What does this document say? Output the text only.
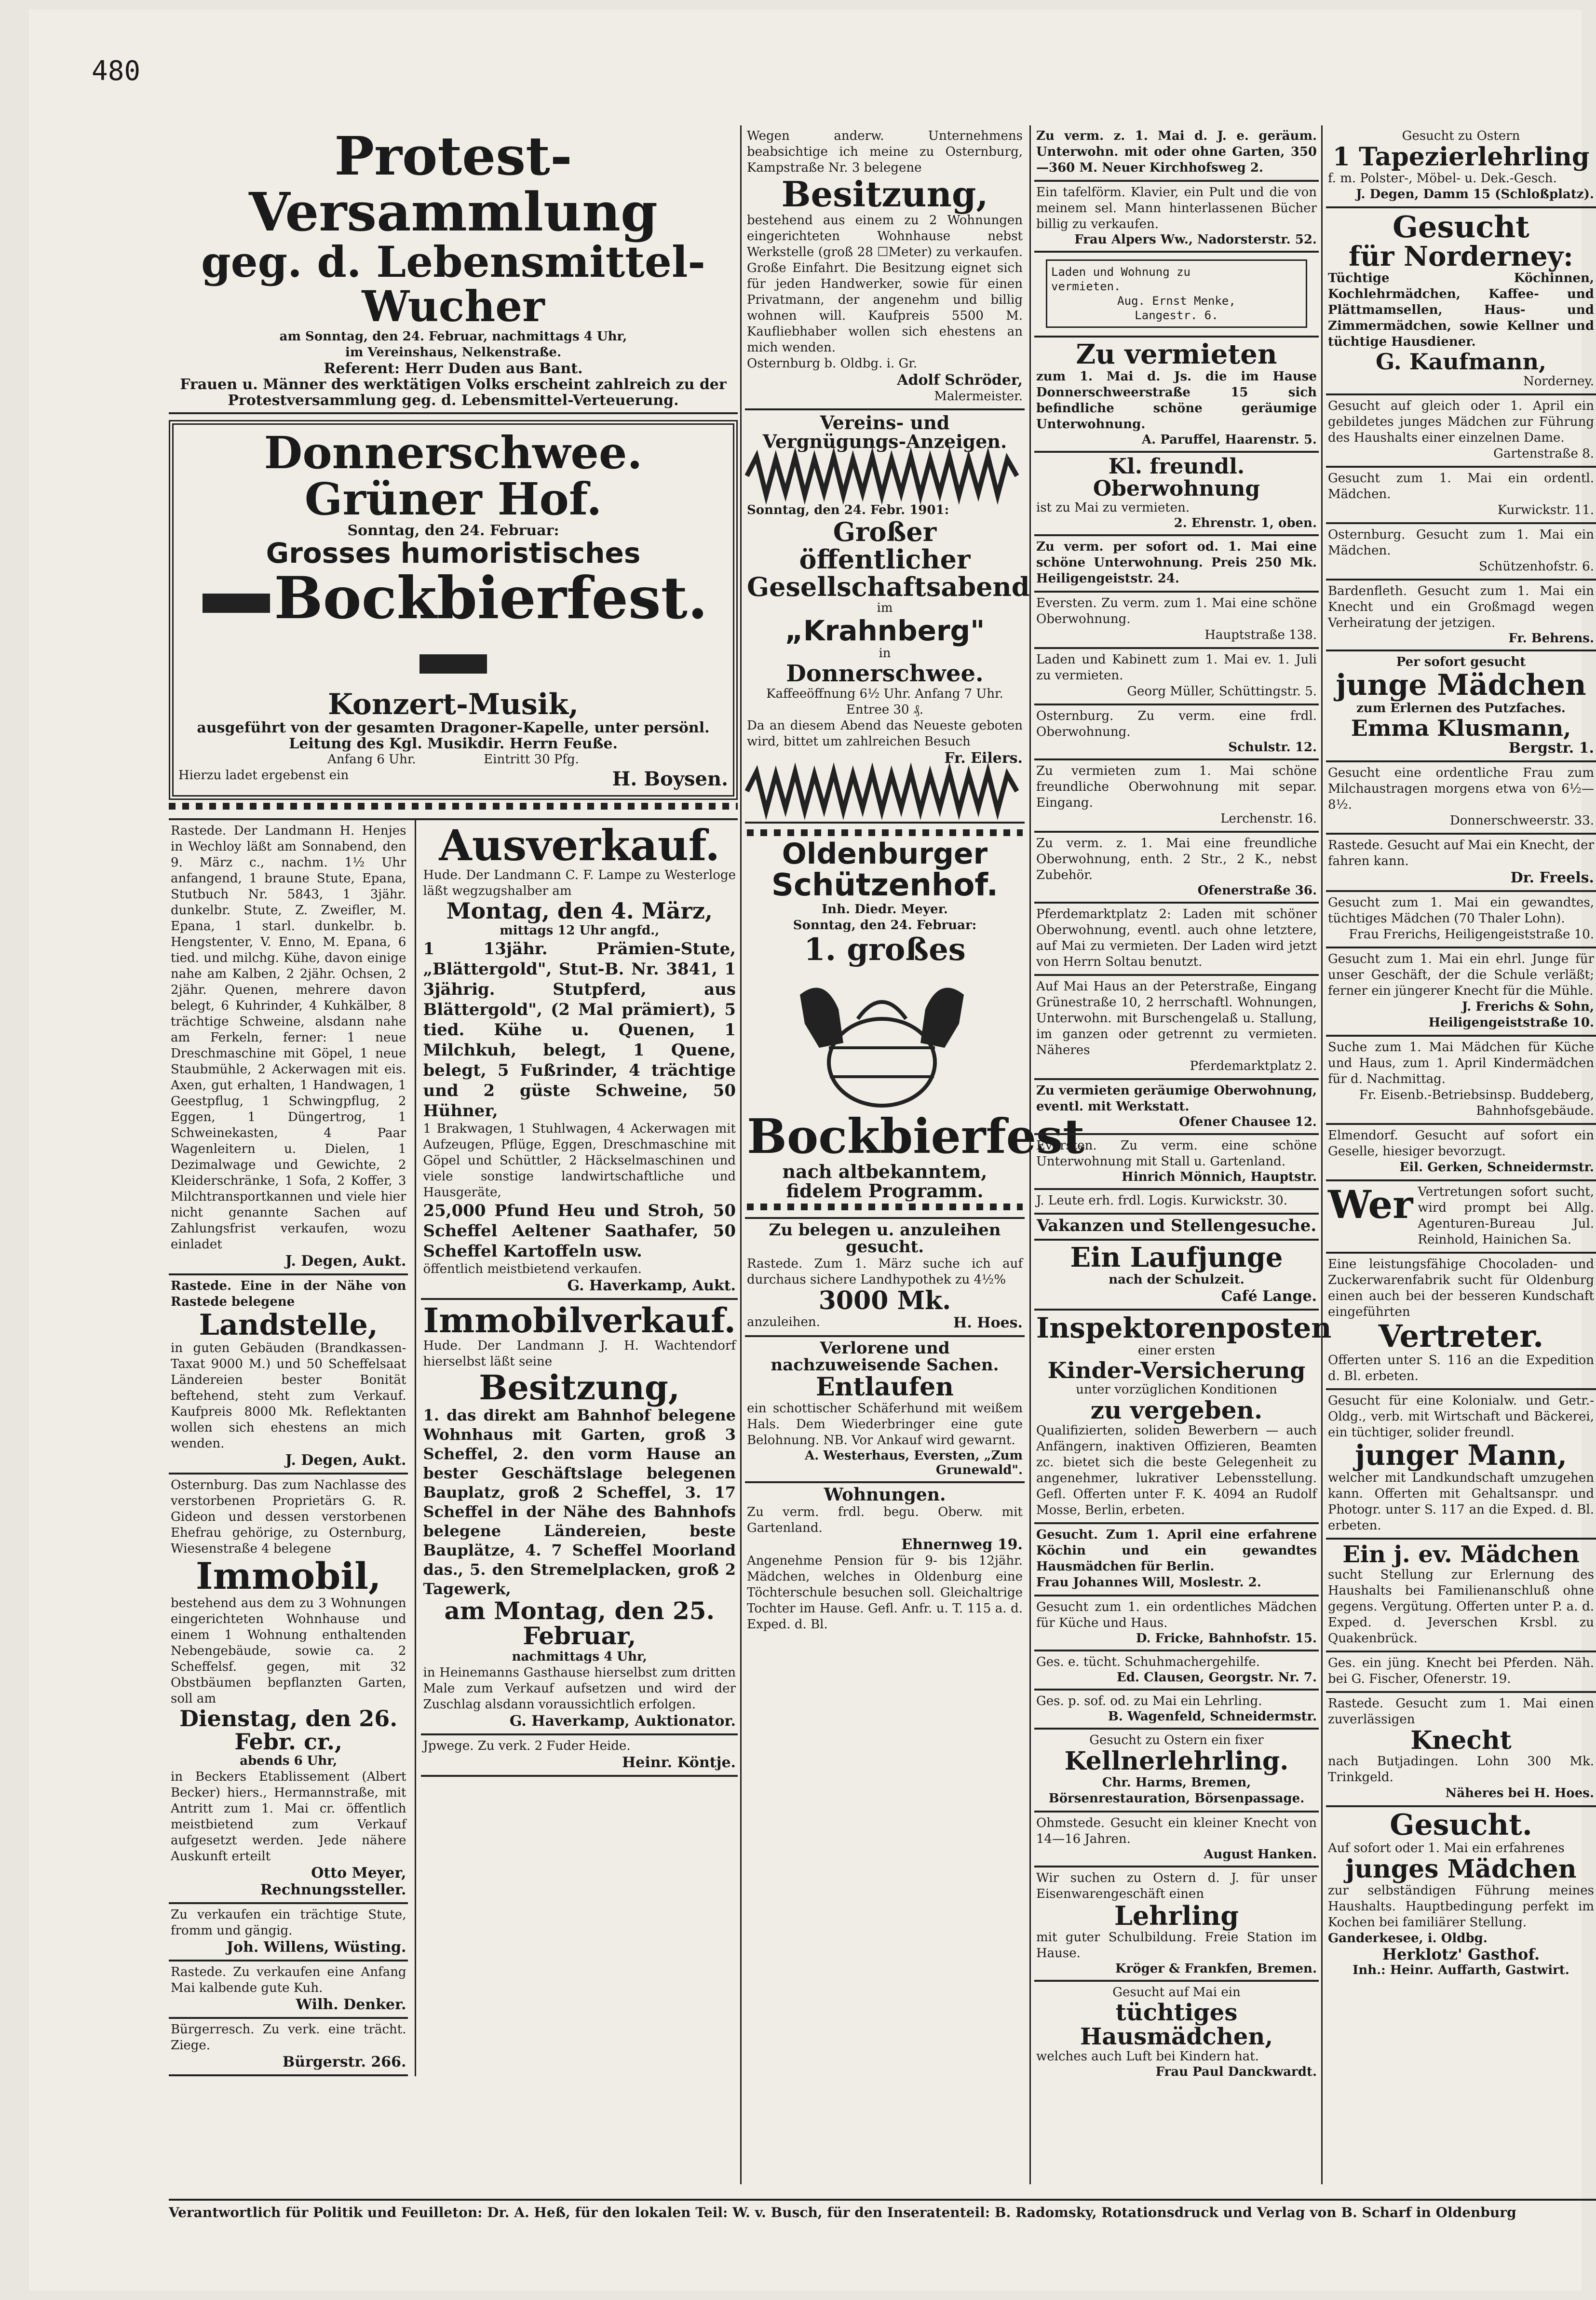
480
Protest-Versammlung
geg. d. Lebensmittel-Wucher
am Sonntag, den 24. Februar, nachmittags 4 Uhr,
im Vereinshaus, Nelkenstraße.
Referent: Herr Duden aus Bant.
Frauen u. Männer des werktätigen Volks erscheint zahlreich zu der Protestversammlung geg. d. Lebensmittel-Verteuerung.
Donnerschwee. Grüner Hof.
Sonntag, den 24. Februar:
Grosses humoristisches
Bockbierfest.
Konzert-Musik,
ausgeführt von der gesamten Dragoner-Kapelle, unter persönl. Leitung des Kgl. Musikdir. Herrn Feuße.
Anfang 6 Uhr.                 Eintritt 30 Pfg.
Hierzu ladet ergebenst ein	H. Boysen.
Rastede. Der Landmann H. Henjes in Wechloy läßt am Sonnabend, den 9. März c., nachm. 1½ Uhr anfangend, 1 braune Stute, Epana, Stutbuch Nr. 5843, 1 3jähr. dunkelbr. Stute, Z. Zweifler, M. Epana, 1 starl. dunkelbr. b. Hengstenter, V. Enno, M. Epana, 6 tied. und milchg. Kühe, davon einige nahe am Kalben, 2 2jähr. Ochsen, 2 2jähr. Quenen, mehrere davon belegt, 6 Kuhrinder, 4 Kuhkälber, 8 trächtige Schweine, alsdann nahe am Ferkeln, ferner: 1 neue Dreschmaschine mit Göpel, 1 neue Staubmühle, 2 Ackerwagen mit eis. Axen, gut erhalten, 1 Handwagen, 1 Geestpflug, 1 Schwingpflug, 2 Eggen, 1 Düngertrog, 1 Schweinekasten, 4 Paar Wagenleitern u. Dielen, 1 Dezimalwage und Gewichte, 2 Kleiderschränke, 1 Sofa, 2 Koffer, 3 Milchtransportkannen und viele hier nicht genannte Sachen auf Zahlungsfrist verkaufen, wozu einladet
J. Degen, Aukt.
Rastede. Eine in der Nähe von Rastede belegene
Landstelle,
in guten Gebäuden (Brandkassen-Taxat 9000 M.) und 50 Scheffelsaat Ländereien bester Bonität beftehend, steht zum Verkauf. Kaufpreis 8000 Mk. Reflektanten wollen sich ehestens an mich wenden.
J. Degen, Aukt.
Osternburg. Das zum Nachlasse des verstorbenen Proprietärs G. R. Gideon und dessen verstorbenen Ehefrau gehörige, zu Osternburg, Wiesenstraße 4 belegene
Immobil,
bestehend aus dem zu 3 Wohnungen eingerichteten Wohnhause und einem 1 Wohnung enthaltenden Nebengebäude, sowie ca. 2 Scheffelsf. gegen, mit 32 Obstbäumen bepflanzten Garten, soll am
Dienstag, den 26. Febr. cr.,
abends 6 Uhr,
in Beckers Etablissement (Albert Becker) hiers., Hermannstraße, mit Antritt zum 1. Mai cr. öffentlich meistbietend zum Verkauf aufgesetzt werden. Jede nähere Auskunft erteilt
Otto Meyer, Rechnungssteller.
Zu verkaufen ein trächtige Stute, fromm und gängig.
Joh. Willens, Wüsting.
Rastede. Zu verkaufen eine Anfang Mai kalbende gute Kuh.
Wilh. Denker.
Bürgerresch. Zu verk. eine trächt. Ziege.
Bürgerstr. 266.
Ausverkauf.
Hude. Der Landmann C. F. Lampe zu Westerloge läßt wegzugshalber am
Montag, den 4. März,
mittags 12 Uhr angfd.,
1 13jähr. Prämien-Stute, „Blättergold", Stut-B. Nr. 3841, 1 3jährig. Stutpferd, aus Blättergold", (2 Mal prämiert), 5 tied. Kühe u. Quenen, 1 Milchkuh, belegt, 1 Quene, belegt, 5 Fußrinder, 4 trächtige und 2 güste Schweine, 50 Hühner,
1 Brakwagen, 1 Stuhlwagen, 4 Ackerwagen mit Aufzeugen, Pflüge, Eggen, Dreschmaschine mit Göpel und Schüttler, 2 Häckselmaschinen und viele sonstige landwirtschaftliche und Hausgeräte,
25,000 Pfund Heu und Stroh, 50 Scheffel Aeltener Saathafer, 50 Scheffel Kartoffeln usw.
öffentlich meistbietend verkaufen.
G. Haverkamp, Aukt.
Immobilverkauf.
Hude. Der Landmann J. H. Wachtendorf hierselbst läßt seine
Besitzung,
1. das direkt am Bahnhof belegene Wohnhaus mit Garten, groß 3 Scheffel, 2. den vorm Hause an bester Geschäftslage belegenen Bauplatz, groß 2 Scheffel, 3. 17 Scheffel in der Nähe des Bahnhofs belegene Ländereien, beste Bauplätze, 4. 7 Scheffel Moorland das., 5. den Stremelplacken, groß 2 Tagewerk,
am Montag, den 25. Februar,
nachmittags 4 Uhr,
in Heinemanns Gasthause hierselbst zum dritten Male zum Verkauf aufsetzen und wird der Zuschlag alsdann voraussichtlich erfolgen.
G. Haverkamp, Auktionator.
Jpwege. Zu verk. 2 Fuder Heide.
Heinr. Köntje.
Wegen anderw. Unternehmens beabsichtige ich meine zu Osternburg, Kampstraße Nr. 3 belegene
Besitzung,
bestehend aus einem zu 2 Wohnungen eingerichteten Wohnhause nebst Werkstelle (groß 28 ☐Meter) zu verkaufen. Große Einfahrt. Die Besitzung eignet sich für jeden Handwerker, sowie für einen Privatmann, der angenehm und billig wohnen will. Kaufpreis 5500 M. Kaufliebhaber wollen sich ehestens an mich wenden.
Osternburg b. Oldbg. i. Gr.
Adolf Schröder,
Malermeister.
Vereins- und Vergnügungs-Anzeigen.
Sonntag, den 24. Febr. 1901:
Großer öffentlicher
Gesellschaftsabend
im
„Krahnberg"
in
Donnerschwee.
Kaffeeöffnung 6½ Uhr. Anfang 7 Uhr. Entree 30 ₰.
Da an diesem Abend das Neueste geboten wird, bittet um zahlreichen Besuch
Fr. Eilers.
Oldenburger
Schützenhof.
Inh. Diedr. Meyer.
Sonntag, den 24. Februar:
1. großes
Bockbierfest
nach altbekanntem, fidelem Programm.
Zu belegen u. anzuleihen gesucht.
Rastede. Zum 1. März suche ich auf durchaus sichere Landhypothek zu 4½%
3000 Mk.
anzuleihen.	H. Hoes.
Verlorene und nachzuweisende Sachen.
Entlaufen
ein schottischer Schäferhund mit weißem Hals. Dem Wiederbringer eine gute Belohnung. NB. Vor Ankauf wird gewarnt.
A. Westerhaus, Eversten, „Zum Grunewald".
Wohnungen.
Zu verm. frdl. begu. Oberw. mit Gartenland.
Ehnernweg 19.
Angenehme Pension für 9- bis 12jähr. Mädchen, welches in Oldenburg eine Töchterschule besuchen soll. Gleichaltrige Tochter im Hause. Gefl. Anfr. u. T. 115 a. d. Exped. d. Bl.
Zu verm. z. 1. Mai d. J. e. geräum. Unterwohn. mit oder ohne Garten, 350—360 M. Neuer Kirchhofsweg 2.
Ein tafelförm. Klavier, ein Pult und die von meinem sel. Mann hinterlassenen Bücher billig zu verkaufen.
Frau Alpers Ww., Nadorsterstr. 52.
Laden und Wohnung zu
vermieten.
Aug. Ernst Menke,
Langestr. 6.
Zu vermieten
zum 1. Mai d. Js. die im Hause Donnerschweerstraße 15 sich befindliche schöne geräumige Unterwohnung.
A. Paruffel, Haarenstr. 5.
Kl. freundl. Oberwohnung
ist zu Mai zu vermieten.
2. Ehrenstr. 1, oben.
Zu verm. per sofort od. 1. Mai eine schöne Unterwohnung. Preis 250 Mk. Heiligengeiststr. 24.
Eversten. Zu verm. zum 1. Mai eine schöne Oberwohnung.
Hauptstraße 138.
Laden und Kabinett zum 1. Mai ev. 1. Juli zu vermieten.
Georg Müller, Schüttingstr. 5.
Osternburg. Zu verm. eine frdl. Oberwohnung.
Schulstr. 12.
Zu vermieten zum 1. Mai schöne freundliche Oberwohnung mit separ. Eingang.
Lerchenstr. 16.
Zu verm. z. 1. Mai eine freundliche Oberwohnung, enth. 2 Str., 2 K., nebst Zubehör.
Ofenerstraße 36.
Pferdemarktplatz 2: Laden mit schöner Oberwohnung, eventl. auch ohne letztere, auf Mai zu vermieten. Der Laden wird jetzt von Herrn Soltau benutzt.
Auf Mai Haus an der Peterstraße, Eingang Grünestraße 10, 2 herrschaftl. Wohnungen, Unterwohn. mit Burschengelaß u. Stallung, im ganzen oder getrennt zu vermieten. Näheres
Pferdemarktplatz 2.
Zu vermieten geräumige Oberwohnung, eventl. mit Werkstatt.
Ofener Chausee 12.
Eversten. Zu verm. eine schöne Unterwohnung mit Stall u. Gartenland.
Hinrich Mönnich, Hauptstr.
J. Leute erh. frdl. Logis. Kurwickstr. 30.
Vakanzen und Stellengesuche.
Ein Laufjunge
nach der Schulzeit.
Café Lange.
Inspektorenposten
einer ersten
Kinder-Versicherung
unter vorzüglichen Konditionen
zu vergeben.
Qualifizierten, soliden Bewerbern — auch Anfängern, inaktiven Offizieren, Beamten zc. bietet sich die beste Gelegenheit zu angenehmer, lukrativer Lebensstellung. Gefl. Offerten unter F. K. 4094 an Rudolf Mosse, Berlin, erbeten.
Gesucht. Zum 1. April eine erfahrene Köchin und ein gewandtes Hausmädchen für Berlin.
Frau Johannes Will, Moslestr. 2.
Gesucht zum 1. ein ordentliches Mädchen für Küche und Haus.
D. Fricke, Bahnhofstr. 15.
Ges. e. tücht. Schuhmachergehilfe.
Ed. Clausen, Georgstr. Nr. 7.
Ges. p. sof. od. zu Mai ein Lehrling.
B. Wagenfeld, Schneidermstr.
Gesucht zu Ostern ein fixer
Kellnerlehrling.
Chr. Harms, Bremen,
Börsenrestauration, Börsenpassage.
Ohmstede. Gesucht ein kleiner Knecht von 14—16 Jahren.
August Hanken.
Wir suchen zu Ostern d. J. für unser Eisenwarengeschäft einen
Lehrling
mit guter Schulbildung. Freie Station im Hause.
Kröger & Frankfen, Bremen.
Gesucht auf Mai ein
tüchtiges Hausmädchen,
welches auch Luft bei Kindern hat.
Frau Paul Danckwardt.
Gesucht zu Ostern
1 Tapezierlehrling
f. m. Polster-, Möbel- u. Dek.-Gesch.
J. Degen, Damm 15 (Schloßplatz).
Gesucht
für Norderney:
Tüchtige Köchinnen, Kochlehrmädchen, Kaffee- und Plättmamsellen, Haus- und Zimmermädchen, sowie Kellner und tüchtige Hausdiener.
G. Kaufmann,
Norderney.
Gesucht auf gleich oder 1. April ein gebildetes junges Mädchen zur Führung des Haushalts einer einzelnen Dame.
Gartenstraße 8.
Gesucht zum 1. Mai ein ordentl. Mädchen.
Kurwickstr. 11.
Osternburg. Gesucht zum 1. Mai ein Mädchen.
Schützenhofstr. 6.
Bardenfleth. Gesucht zum 1. Mai ein Knecht und ein Großmagd wegen Verheiratung der jetzigen.
Fr. Behrens.
Per sofort gesucht
junge Mädchen
zum Erlernen des Putzfaches.
Emma Klusmann,
Bergstr. 1.
Gesucht eine ordentliche Frau zum Milchaustragen morgens etwa von 6½—8½.
Donnerschweerstr. 33.
Rastede. Gesucht auf Mai ein Knecht, der fahren kann.
Dr. Freels.
Gesucht zum 1. Mai ein gewandtes, tüchtiges Mädchen (70 Thaler Lohn).
Frau Frerichs, Heiligengeiststraße 10.
Gesucht zum 1. Mai ein ehrl. Junge für unser Geschäft, der die Schule verläßt; ferner ein jüngerer Knecht für die Mühle.
J. Frerichs & Sohn, Heiligengeiststraße 10.
Suche zum 1. Mai Mädchen für Küche und Haus, zum 1. April Kindermädchen für d. Nachmittag.
Fr. Eisenb.-Betriebsinsp. Buddeberg, Bahnhofsgebäude.
Elmendorf. Gesucht auf sofort ein Geselle, hiesiger bevorzugt.
Eil. Gerken, Schneidermstr.
Wer Vertretungen sofort sucht, wird prompt bei Allg. Agenturen-Bureau Jul. Reinhold, Hainichen Sa.
Eine leistungsfähige Chocoladen- und Zuckerwarenfabrik sucht für Oldenburg einen auch bei der besseren Kundschaft eingeführten
Vertreter.
Offerten unter S. 116 an die Expedition d. Bl. erbeten.
Gesucht für eine Kolonialw. und Getr.-Oldg., verb. mit Wirtschaft und Bäckerei, ein tüchtiger, solider freundl.
junger Mann,
welcher mit Landkundschaft umzugehen kann. Offerten mit Gehaltsanspr. und Photogr. unter S. 117 an die Exped. d. Bl. erbeten.
Ein j. ev. Mädchen
sucht Stellung zur Erlernung des Haushalts bei Familienanschluß ohne gegens. Vergütung. Offerten unter P. a. d. Exped. d. Jeverschen Krsbl. zu Quakenbrück.
Ges. ein jüng. Knecht bei Pferden. Näh. bei G. Fischer, Ofenerstr. 19.
Rastede. Gesucht zum 1. Mai einen zuverlässigen
Knecht
nach Butjadingen. Lohn 300 Mk. Trinkgeld.
Näheres bei H. Hoes.
Gesucht.
Auf sofort oder 1. Mai ein erfahrenes
junges Mädchen
zur selbständigen Führung meines Haushalts. Hauptbedingung perfekt im Kochen bei familiärer Stellung.
Ganderkesee, i. Oldbg.
Herklotz' Gasthof.
Inh.: Heinr. Auffarth, Gastwirt.
Verantwortlich für Politik und Feuilleton: Dr. A. Heß, für den lokalen Teil: W. v. Busch, für den Inseratenteil: B. Radomsky, Rotationsdruck und Verlag von B. Scharf in Oldenburg
